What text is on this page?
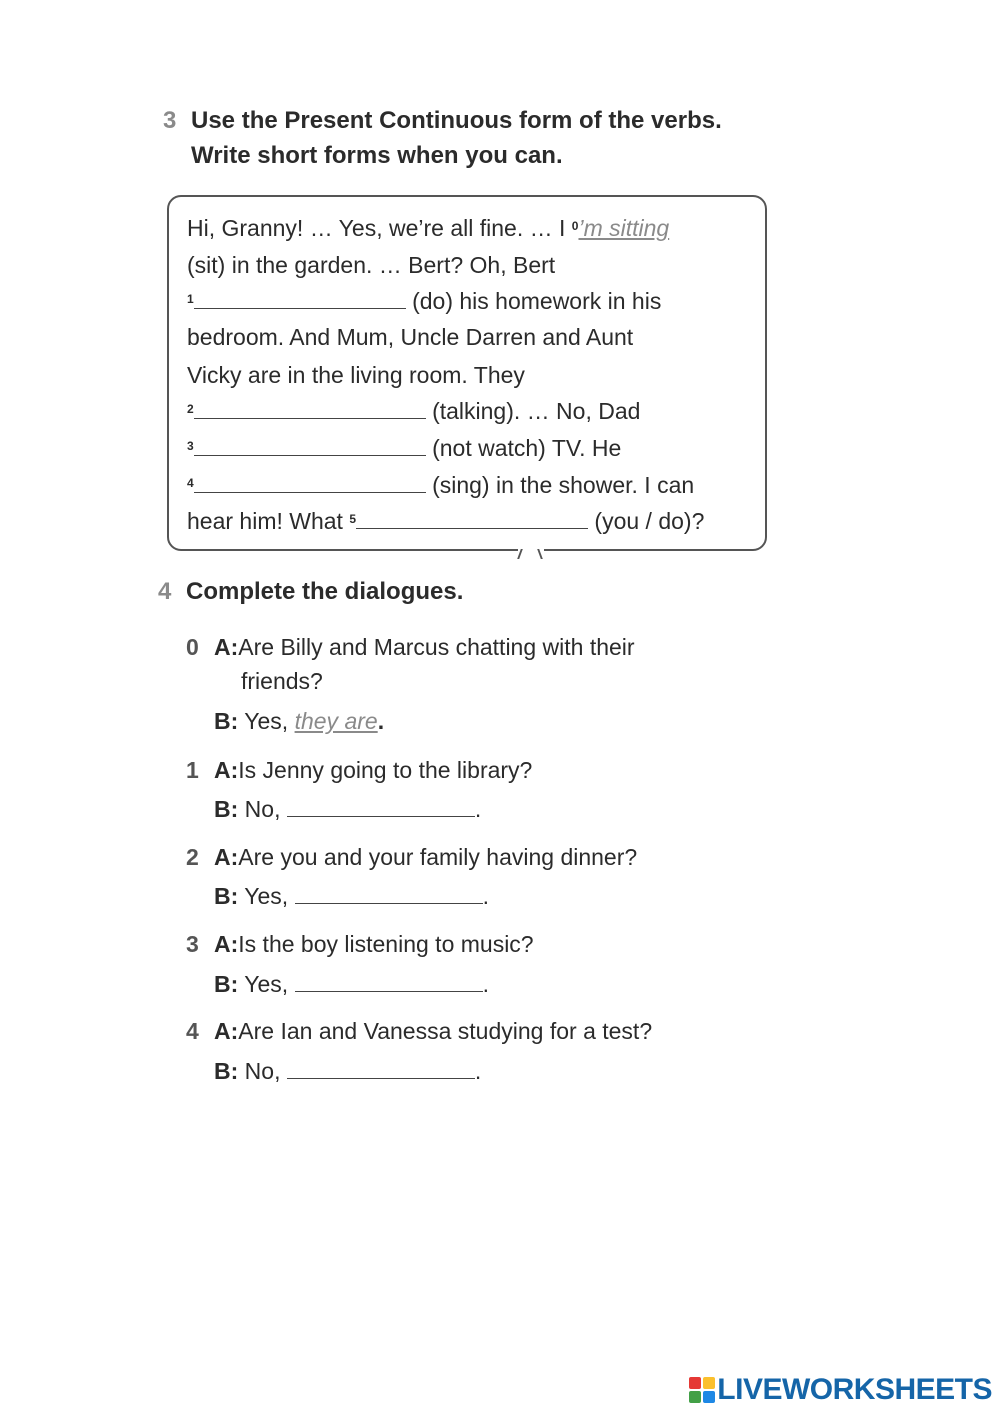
3 Use the Present Continuous form of the verbs.
Write short forms when you can.
Hi, Granny! … Yes, we’re all fine. … I $^0$’m sitting
(sit) in the garden. … Bert? Oh, Bert
$^1$	(do) his homework in his
bedroom. And Mum, Uncle Darren and Aunt
Vicky are in the living room. They
$^2$	(talking). … No, Dad
$^3$	(not watch) TV. He
$^4$	(sing) in the shower. I can
hear him! What $^5$	(you / do)?
4 Complete the dialogues.
0 A:Are Billy and Marcus chatting with their
friends?
B: Yes, they are.
1 A:Is Jenny going to the library?
B: No,	.
2 A:Are you and your family having dinner?
B: Yes,	.
3 A:Is the boy listening to music?
B: Yes,	.
4 A:Are Ian and Vanessa studying for a test?
B: No,	.
LIVEWORKSHEETS
